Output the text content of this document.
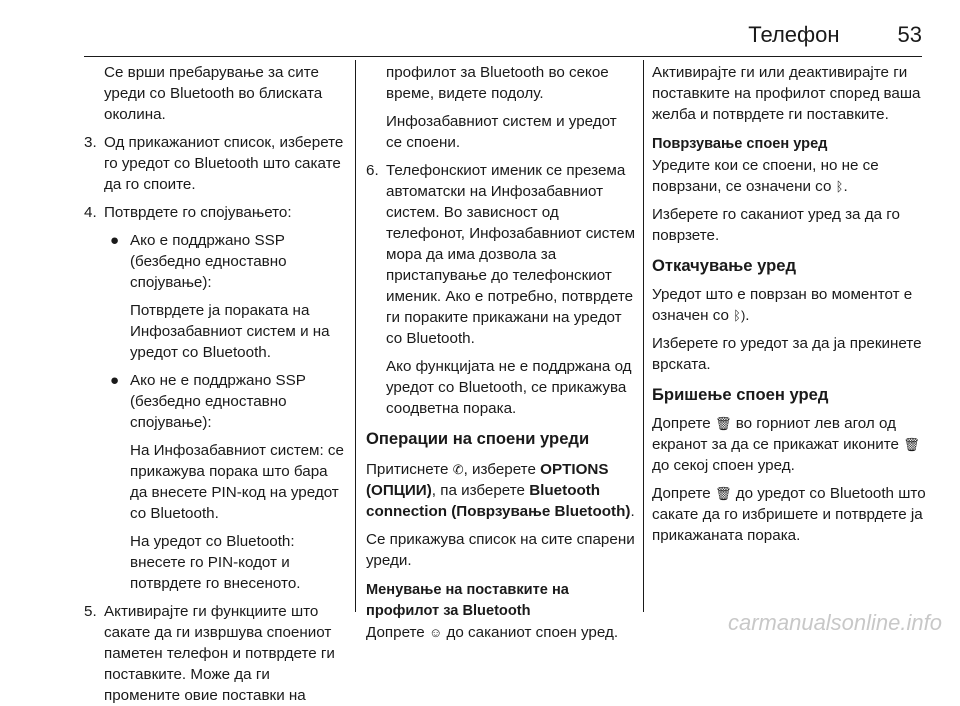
Телефон	53

Се врши пребарување за сите уреди со Bluetooth во блиската околина.

3. Од прикажаниот список, изберете го уредот со Bluetooth што сакате да го споите.
4. Потврдете го спојувањето:
● Ако е поддржано SSP (безбедно едноставно спојување):

Потврдете ја пораката на Инфозабавниот систем и на уредот со Bluetooth.

● Ако не е поддржано SSP (безбедно едноставно спојување):

На Инфозабавниот систем: се прикажува порака што бара да внесете PIN-код на уредот со Bluetooth.

На уредот со Bluetooth: внесете го PIN-кодот и потврдете го внесеното.

5. Активирајте ги функциите што сакате да ги извршува споениот паметен телефон и потврдете ги поставките. Може да ги промените овие поставки на

профилот за Bluetooth во секое време, видете подолу.

Инфозабавниот систем и уредот се споени.

6. Телефонскиот именик се презема автоматски на Инфозабавниот систем. Во зависност од телефонот, Инфозабавниот систем мора да има дозвола за пристапување до телефонскиот именик. Ако е потребно, потврдете ги пораките прикажани на уредот со Bluetooth.

Ако функцијата не е поддржана од уредот со Bluetooth, се прикажува соодветна порака.

Операции на споени уреди

Притиснете ✆, изберете OPTIONS (ОПЦИИ), па изберете Bluetooth connection (Поврзување Bluetooth).

Се прикажува список на сите спарени уреди.

Менување на поставките на профилот за Bluetooth

Допрете ☺ до саканиот споен уред.

Активирајте ги или деактивирајте ги поставките на профилот според ваша желба и потврдете ги поставките.

Поврзување споен уред

Уредите кои се споени, но не се поврзани, се означени со ᛒ.

Изберете го саканиот уред за да го поврзете.

Откачување уред

Уредот што е поврзан во моментот е означен со ᛒ).

Изберете го уредот за да ја прекинете врската.

Бришење споен уред

Допрете 🗑 во горниот лев агол од екранот за да се прикажат иконите 🗑 до секој споен уред.

Допрете 🗑 до уредот со Bluetooth што сакате да го избришете и потврдете ја прикажаната порака.

carmanualsonline.info
